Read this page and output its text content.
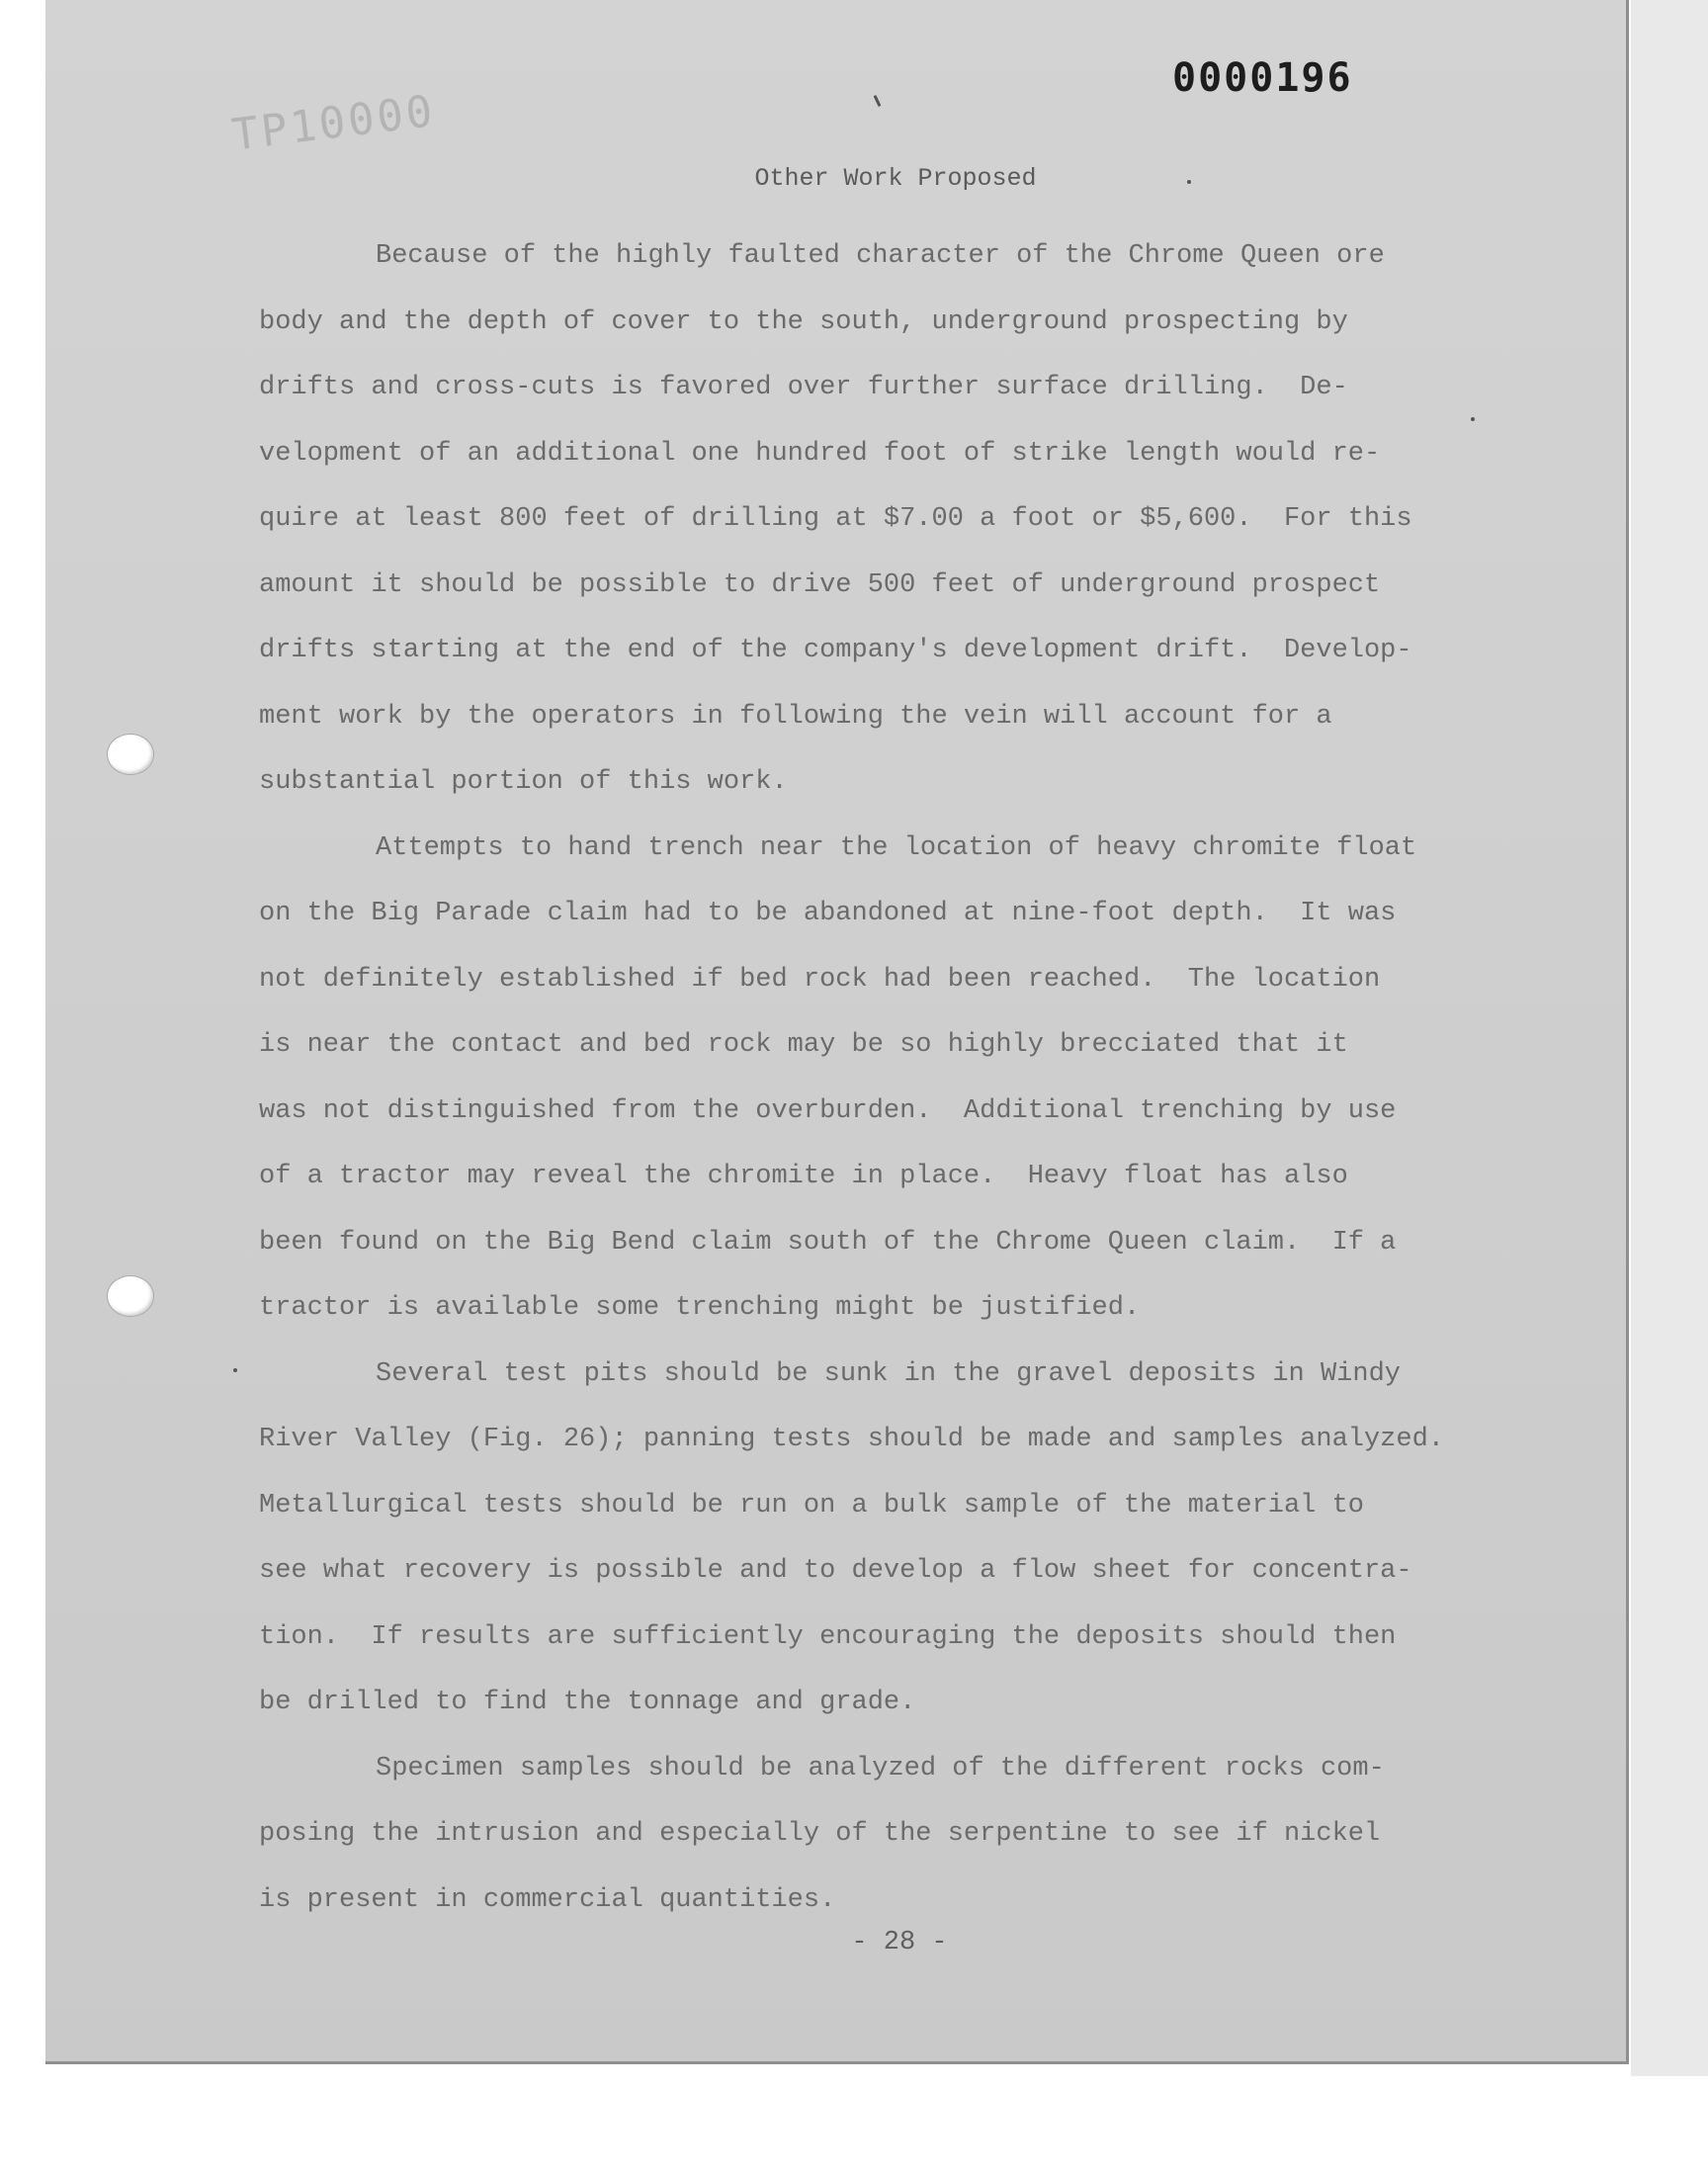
0000196
TP10000
Other Work Proposed
Because of the highly faulted character of the Chrome Queen ore
body and the depth of cover to the south, underground prospecting by
drifts and cross-cuts is favored over further surface drilling.  De-
velopment of an additional one hundred foot of strike length would re-
quire at least 800 feet of drilling at $7.00 a foot or $5,600.  For this
amount it should be possible to drive 500 feet of underground prospect
drifts starting at the end of the company's development drift.  Develop-
ment work by the operators in following the vein will account for a
substantial portion of this work.
Attempts to hand trench near the location of heavy chromite float
on the Big Parade claim had to be abandoned at nine-foot depth.  It was
not definitely established if bed rock had been reached.  The location
is near the contact and bed rock may be so highly brecciated that it
was not distinguished from the overburden.  Additional trenching by use
of a tractor may reveal the chromite in place.  Heavy float has also
been found on the Big Bend claim south of the Chrome Queen claim.  If a
tractor is available some trenching might be justified.
Several test pits should be sunk in the gravel deposits in Windy
River Valley (Fig. 26); panning tests should be made and samples analyzed.
Metallurgical tests should be run on a bulk sample of the material to
see what recovery is possible and to develop a flow sheet for concentra-
tion.  If results are sufficiently encouraging the deposits should then
be drilled to find the tonnage and grade.
Specimen samples should be analyzed of the different rocks com-
posing the intrusion and especially of the serpentine to see if nickel
is present in commercial quantities.
- 28 -
